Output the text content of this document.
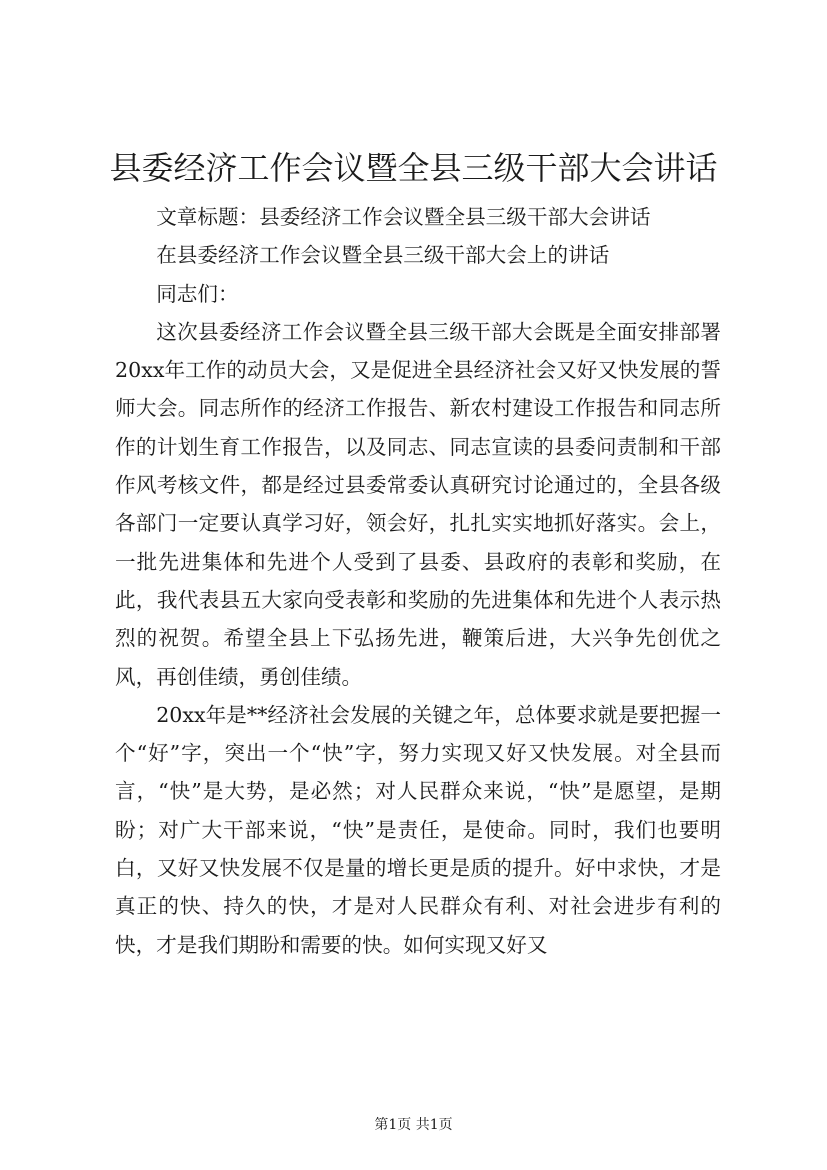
县委经济工作会议暨全县三级干部大会讲话

文章标题：县委经济工作会议暨全县三级干部大会讲话

在县委经济工作会议暨全县三级干部大会上的讲话

同志们：

这次县委经济工作会议暨全县三级干部大会既是全面安排部署20xx年工作的动员大会，又是促进全县经济社会又好又快发展的誓师大会。同志所作的经济工作报告、新农村建设工作报告和同志所作的计划生育工作报告，以及同志、同志宣读的县委问责制和干部作风考核文件，都是经过县委常委认真研究讨论通过的，全县各级各部门一定要认真学习好，领会好，扎扎实实地抓好落实。会上，一批先进集体和先进个人受到了县委、县政府的表彰和奖励，在此，我代表县五大家向受表彰和奖励的先进集体和先进个人表示热烈的祝贺。希望全县上下弘扬先进，鞭策后进，大兴争先创优之风，再创佳绩，勇创佳绩。

20xx年是**经济社会发展的关键之年，总体要求就是要把握一个“好”字，突出一个“快”字，努力实现又好又快发展。对全县而言，“快”是大势，是必然；对人民群众来说，“快”是愿望，是期盼；对广大干部来说，“快”是责任，是使命。同时，我们也要明白，又好又快发展不仅是量的增长更是质的提升。好中求快，才是真正的快、持久的快，才是对人民群众有利、对社会进步有利的快，才是我们期盼和需要的快。如何实现又好又

第1页 共1页
